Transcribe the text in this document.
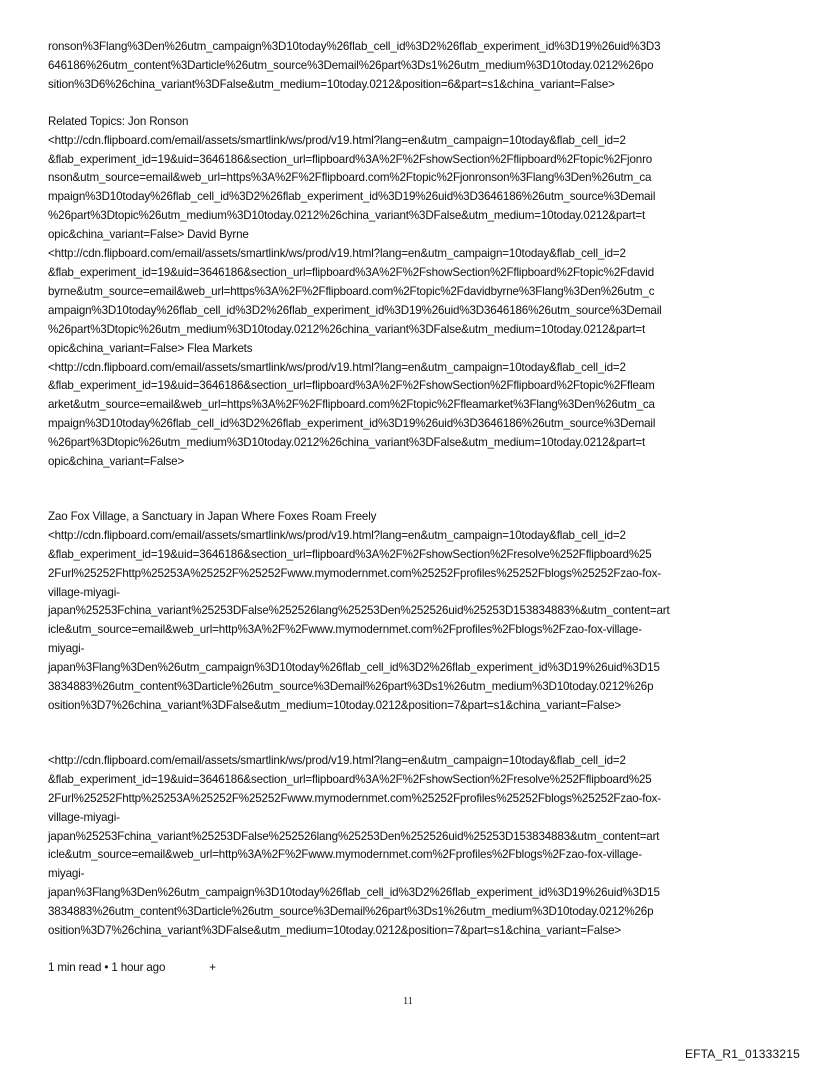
ronson%3Flang%3Den%26utm_campaign%3D10today%26flab_cell_id%3D2%26flab_experiment_id%3D19%26uid%3D3
646186%26utm_content%3Darticle%26utm_source%3Demail%26part%3Ds1%26utm_medium%3D10today.0212%26po
sition%3D6%26china_variant%3DFalse&utm_medium=10today.0212&position=6&part=s1&china_variant=False>

Related Topics: Jon Ronson
<http://cdn.flipboard.com/email/assets/smartlink/ws/prod/v19.html?lang=en&utm_campaign=10today&flab_cell_id=2
&flab_experiment_id=19&uid=3646186&section_url=flipboard%3A%2F%2FshowSection%2Fflipboard%2Ftopic%2Fjonro
nson&utm_source=email&web_url=https%3A%2F%2Fflipboard.com%2Ftopic%2Fjonronson%3Flang%3Den%26utm_ca
mpaign%3D10today%26flab_cell_id%3D2%26flab_experiment_id%3D19%26uid%3D3646186%26utm_source%3Demail
%26part%3Dtopic%26utm_medium%3D10today.0212%26china_variant%3DFalse&utm_medium=10today.0212&part=t
opic&china_variant=False> David Byrne
<http://cdn.flipboard.com/email/assets/smartlink/ws/prod/v19.html?lang=en&utm_campaign=10today&flab_cell_id=2
&flab_experiment_id=19&uid=3646186&section_url=flipboard%3A%2F%2FshowSection%2Fflipboard%2Ftopic%2Fdavid
byrne&utm_source=email&web_url=https%3A%2F%2Fflipboard.com%2Ftopic%2Fdavidbyrne%3Flang%3Den%26utm_c
ampaign%3D10today%26flab_cell_id%3D2%26flab_experiment_id%3D19%26uid%3D3646186%26utm_source%3Demail
%26part%3Dtopic%26utm_medium%3D10today.0212%26china_variant%3DFalse&utm_medium=10today.0212&part=t
opic&china_variant=False> Flea Markets
<http://cdn.flipboard.com/email/assets/smartlink/ws/prod/v19.html?lang=en&utm_campaign=10today&flab_cell_id=2
&flab_experiment_id=19&uid=3646186&section_url=flipboard%3A%2F%2FshowSection%2Fflipboard%2Ftopic%2Ffleam
arket&utm_source=email&web_url=https%3A%2F%2Fflipboard.com%2Ftopic%2Ffleamarket%3Flang%3Den%26utm_ca
mpaign%3D10today%26flab_cell_id%3D2%26flab_experiment_id%3D19%26uid%3D3646186%26utm_source%3Demail
%26part%3Dtopic%26utm_medium%3D10today.0212%26china_variant%3DFalse&utm_medium=10today.0212&part=t
opic&china_variant=False>

Zao Fox Village, a Sanctuary in Japan Where Foxes Roam Freely
<http://cdn.flipboard.com/email/assets/smartlink/ws/prod/v19.html?lang=en&utm_campaign=10today&flab_cell_id=2
&flab_experiment_id=19&uid=3646186&section_url=flipboard%3A%2F%2FshowSection%2Fresolve%252Fflipboard%25
2Furl%25252Fhttp%25253A%25252F%25252Fwww.mymodernmet.com%25252Fprofiles%25252Fblogs%25252Fzao-fox-
village-miyagi-
japan%25253Fchina_variant%25253DFalse%252526lang%25253Den%252526uid%25253D153834883%&utm_content=art
icle&utm_source=email&web_url=http%3A%2F%2Fwww.mymodernmet.com%2Fprofiles%2Fblogs%2Fzao-fox-village-
miyagi-
japan%3Flang%3Den%26utm_campaign%3D10today%26flab_cell_id%3D2%26flab_experiment_id%3D19%26uid%3D15
3834883%26utm_content%3Darticle%26utm_source%3Demail%26part%3Ds1%26utm_medium%3D10today.0212%26p
osition%3D7%26china_variant%3DFalse&utm_medium=10today.0212&position=7&part=s1&china_variant=False>

<http://cdn.flipboard.com/email/assets/smartlink/ws/prod/v19.html?lang=en&utm_campaign=10today&flab_cell_id=2
&flab_experiment_id=19&uid=3646186&section_url=flipboard%3A%2F%2FshowSection%2Fresolve%252Fflipboard%25
2Furl%25252Fhttp%25253A%25252F%25252Fwww.mymodernmet.com%25252Fprofiles%25252Fblogs%25252Fzao-fox-
village-miyagi-
japan%25253Fchina_variant%25253DFalse%252526lang%25253Den%252526uid%25253D153834883&utm_content=art
icle&utm_source=email&web_url=http%3A%2F%2Fwww.mymodernmet.com%2Fprofiles%2Fblogs%2Fzao-fox-village-
miyagi-
japan%3Flang%3Den%26utm_campaign%3D10today%26flab_cell_id%3D2%26flab_experiment_id%3D19%26uid%3D15
3834883%26utm_content%3Darticle%26utm_source%3Demail%26part%3Ds1%26utm_medium%3D10today.0212%26p
osition%3D7%26china_variant%3DFalse&utm_medium=10today.0212&position=7&part=s1&china_variant=False>

1 min read • 1 hour ago	+
11
EFTA_R1_01333215
